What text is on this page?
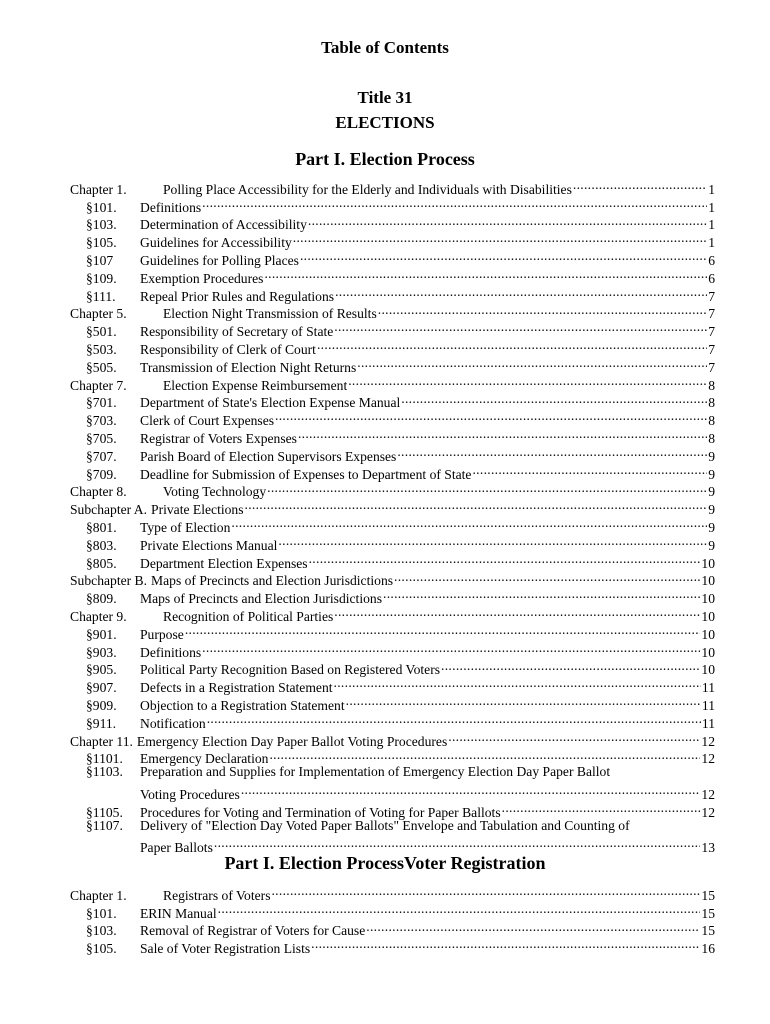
Table of Contents
Title 31
ELECTIONS
Part I. Election Process
Chapter 1.	Polling Place Accessibility for the Elderly and Individuals with Disabilities .....	1
§101.	Definitions .....	1
§103.	Determination of Accessibility .....	1
§105.	Guidelines for Accessibility .....	1
§107	Guidelines for Polling Places .....	6
§109.	Exemption Procedures .....	6
§111.	Repeal Prior Rules and Regulations .....	7
Chapter 5.	Election Night Transmission of Results .....	7
§501.	Responsibility of Secretary of State .....	7
§503.	Responsibility of Clerk of Court .....	7
§505.	Transmission of Election Night Returns .....	7
Chapter 7.	Election Expense Reimbursement .....	8
§701.	Department of State's Election Expense Manual .....	8
§703.	Clerk of Court Expenses .....	8
§705.	Registrar of Voters Expenses .....	8
§707.	Parish Board of Election Supervisors Expenses .....	9
§709.	Deadline for Submission of Expenses to Department of State .....	9
Chapter 8.	Voting Technology .....	9
Subchapter A. Private Elections .....	9
§801.	Type of Election .....	9
§803.	Private Elections Manual .....	9
§805.	Department Election Expenses .....	10
Subchapter B. Maps of Precincts and Election Jurisdictions .....	10
§809.	Maps of Precincts and Election Jurisdictions .....	10
Chapter 9.	Recognition of Political Parties .....	10
§901.	Purpose .....	10
§903.	Definitions .....	10
§905.	Political Party Recognition Based on Registered Voters .....	10
§907.	Defects in a Registration Statement .....	11
§909.	Objection to a Registration Statement .....	11
§911.	Notification .....	11
Chapter 11. Emergency Election Day Paper Ballot Voting Procedures .....	12
§1101.	Emergency Declaration .....	12
§1103.	Preparation and Supplies for Implementation of Emergency Election Day Paper Ballot
Voting Procedures .....	12
§1105.	Procedures for Voting and Termination of Voting for Paper Ballots .....	12
§1107.	Delivery of "Election Day Voted Paper Ballots" Envelope and Tabulation and Counting of
Paper Ballots .....	13
Part I. Election ProcessVoter Registration
Chapter 1.	Registrars of Voters .....	15
§101.	ERIN Manual .....	15
§103.	Removal of Registrar of Voters for Cause .....	15
§105.	Sale of Voter Registration Lists .....	16
